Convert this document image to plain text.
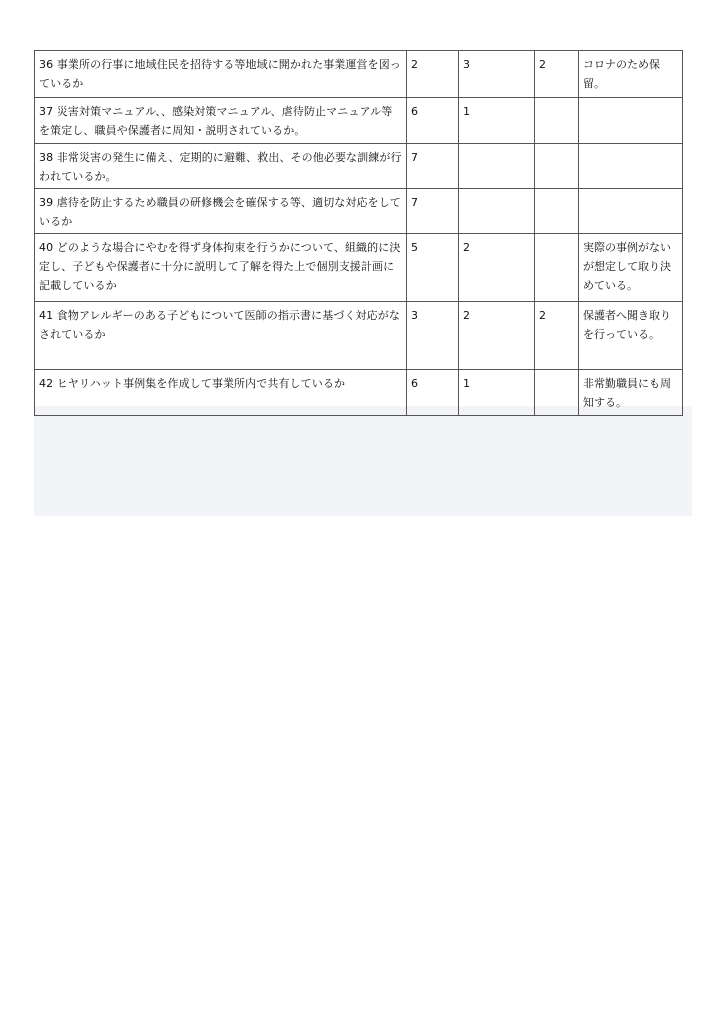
36 事業所の行事に地域住民を招待する等地域に開かれた事業運営を図っているか	2	3	2	コロナのため保留。
37 災害対策マニュアル、、感染対策マニュアル、虐待防止マニュアル等を策定し、職員や保護者に周知・説明されているか。	6	1		
38 非常災害の発生に備え、定期的に避難、救出、その他必要な訓練が行われているか。	7			
39 虐待を防止するため職員の研修機会を確保する等、適切な対応をしているか	7			
40 どのような場合にやむを得ず身体拘束を行うかについて、組織的に決定し、子どもや保護者に十分に説明して了解を得た上で個別支援計画に記載しているか	5	2		実際の事例がないが想定して取り決めている。
41 食物アレルギーのある子どもについて医師の指示書に基づく対応がなされているか	3	2	2	保護者へ聞き取りを行っている。
42 ヒヤリハット事例集を作成して事業所内で共有しているか	6	1		非常勤職員にも周知する。
